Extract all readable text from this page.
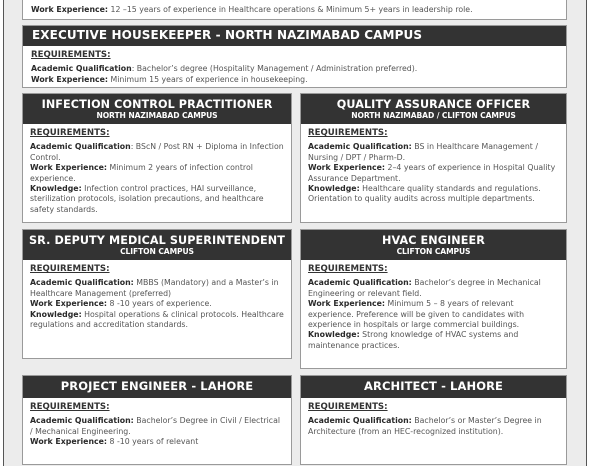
Work Experience: 12 –15 years of experience in Healthcare operations & Minimum 5+ years in leadership role.
EXECUTIVE HOUSEKEEPER - NORTH NAZIMABAD CAMPUS
REQUIREMENTS:
Academic Qualification: Bachelor’s degree (Hospitality Management / Administration preferred).
Work Experience: Minimum 15 years of experience in housekeeping.
INFECTION CONTROL PRACTITIONER
NORTH NAZIMABAD CAMPUS
REQUIREMENTS:
Academic Qualification: BScN / Post RN + Diploma in Infection Control.
Work Experience: Minimum 2 years of infection control experience.
Knowledge: Infection control practices, HAI surveillance, sterilization protocols, isolation precautions, and healthcare safety standards.
QUALITY ASSURANCE OFFICER
NORTH NAZIMABAD / CLIFTON CAMPUS
REQUIREMENTS:
Academic Qualification: BS in Healthcare Management / Nursing / DPT / Pharm-D.
Work Experience: 2–4 years of experience in Hospital Quality Assurance Department.
Knowledge: Healthcare quality standards and regulations. Orientation to quality audits across multiple departments.
SR. DEPUTY MEDICAL SUPERINTENDENT
CLIFTON CAMPUS
REQUIREMENTS:
Academic Qualification: MBBS (Mandatory) and a Master’s in Healthcare Management (preferred)
Work Experience: 8 -10 years of experience.
Knowledge: Hospital operations & clinical protocols. Healthcare regulations and accreditation standards.
HVAC ENGINEER
CLIFTON CAMPUS
REQUIREMENTS:
Academic Qualification: Bachelor’s degree in Mechanical Engineering or relevant field.
Work Experience: Minimum 5 – 8 years of relevant experience. Preference will be given to candidates with experience in hospitals or large commercial buildings.
Knowledge: Strong knowledge of HVAC systems and maintenance practices.
PROJECT ENGINEER - LAHORE
REQUIREMENTS:
Academic Qualification: Bachelor’s Degree in Civil / Electrical / Mechanical Engineering.
Work Experience: 8 -10 years of relevant
ARCHITECT - LAHORE
REQUIREMENTS:
Academic Qualification: Bachelor’s or Master’s Degree in Architecture (from an HEC-recognized institution).
